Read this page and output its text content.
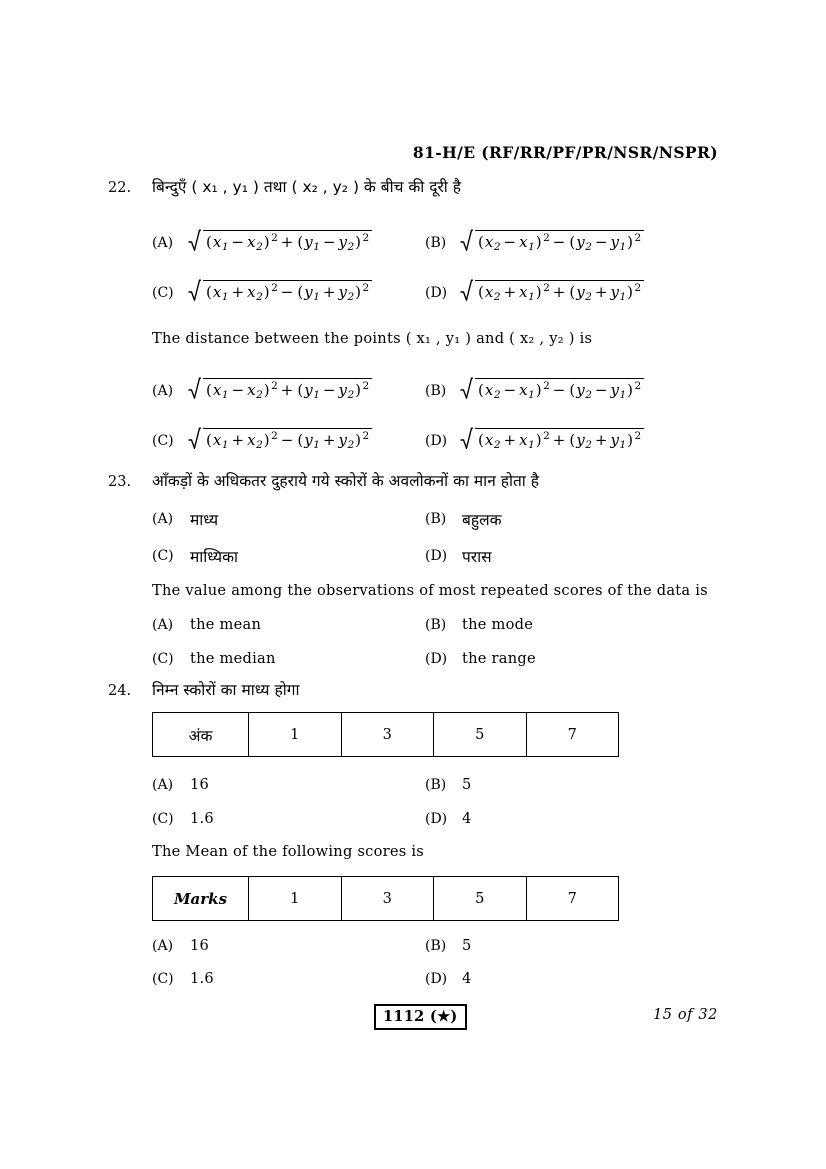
81-H/E (RF/RR/PF/PR/NSR/NSPR)
22.	बिन्दुएँ ( x₁ , y₁ ) तथा ( x₂ , y₂ ) के बीच की दूरी है
(A)	$(x_1 - x_2) ^2 + (y_1 - y_2)$ $^2$	(B)	$(x_2 - x_1) ^2 - (y_2 - y_1)$ $^2$
(C)	$(x_1 + x_2) ^2 - (y_1 + y_2)$ $^2$	(D)	$(x_2 + x_1) ^2 + (y_2 + y_1)$ $^2$
The distance between the points ( x₁ , y₁ ) and ( x₂ , y₂ ) is
(A)	$(x_1 - x_2) ^2 + (y_1 - y_2)$ $^2$	(B)	$(x_2 - x_1) ^2 - (y_2 - y_1)$ $^2$
(C)	$(x_1 + x_2) ^2 - (y_1 + y_2)$ $^2$	(D)	$(x_2 + x_1) ^2 + (y_2 + y_1)$ $^2$
23.	आँकड़ों के अधिकतर दुहराये गये स्कोरों के अवलोकनों का मान होता है
(A) माध्य	(B) बहुलक
(C) माध्यिका	(D) परास
The value among the observations of most repeated scores of the data is
(A) the mean	(B) the mode
(C) the median	(D) the range
24.	निम्न स्कोरों का माध्य होगा
अंक	1	3	5	7
(A) 16	(B) 5
(C) 1.6	(D) 4
The Mean of the following scores is
Marks	1	3	5	7
(A) 16	(B) 5
(C) 1.6	(D) 4
1112 (★)	15 of 32
